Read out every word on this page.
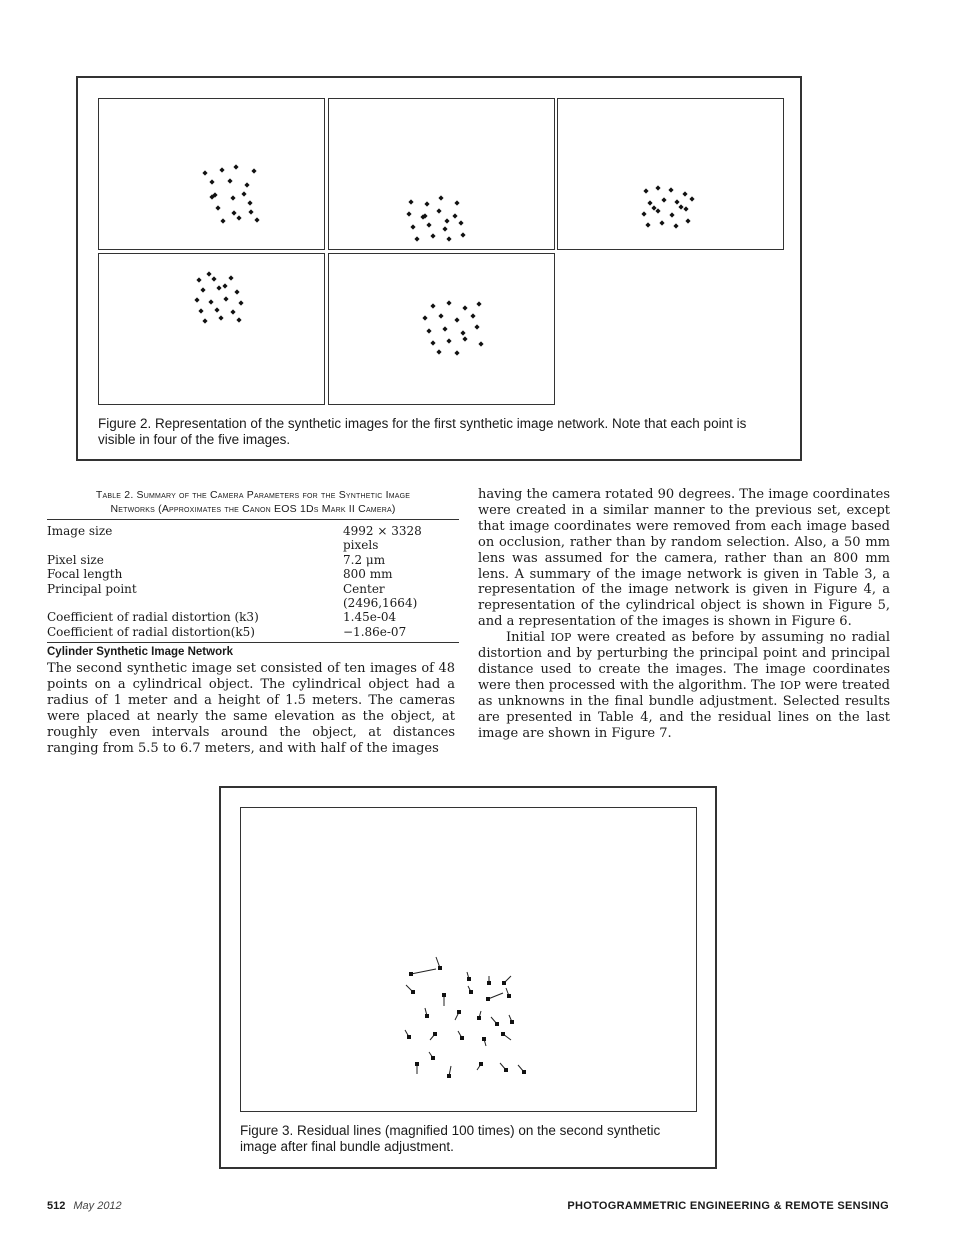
Figure 2. Representation of the synthetic images for the first synthetic image network. Note that each point is visible in four of the five images.
Table 2. Summary of the Camera Parameters for the Synthetic Image
Networks (Approximates the Canon EOS 1Ds Mark II Camera)
Image size	4992 × 3328 pixels
Pixel size	7.2 μm
Focal length	800 mm
Principal point	Center (2496,1664)
Coefficient of radial distortion (k3)	1.45e-04
Coefficient of radial distortion(k5)	−1.86e-07
Cylinder Synthetic Image Network
The second synthetic image set consisted of ten images of 48 points on a cylindrical object. The cylindrical object had a radius of 1 meter and a height of 1.5 meters. The cameras were placed at nearly the same elevation as the object, at roughly even intervals around the object, at distances ranging from 5.5 to 6.7 meters, and with half of the images

having the camera rotated 90 degrees. The image coordinates were created in a similar manner to the previous set, except that image coordinates were removed from each image based on occlusion, rather than by random selection. Also, a 50 mm lens was assumed for the camera, rather than an 800 mm lens. A summary of the image network is given in Table 3, a representation of the image network is given in Figure 4, a representation of the cylindrical object is shown in Figure 5, and a representation of the images is shown in Figure 6.

Initial IOP were created as before by assuming no radial distortion and by perturbing the principal point and principal distance used to create the images. The image coordinates were then processed with the algorithm. The IOP were treated as unknowns in the final bundle adjustment. Selected results are presented in Table 4, and the residual lines on the last image are shown in Figure 7.

Figure 3. Residual lines (magnified 100 times) on the second synthetic image after final bundle adjustment.
512 May 2012	PHOTOGRAMMETRIC ENGINEERING & REMOTE SENSING
